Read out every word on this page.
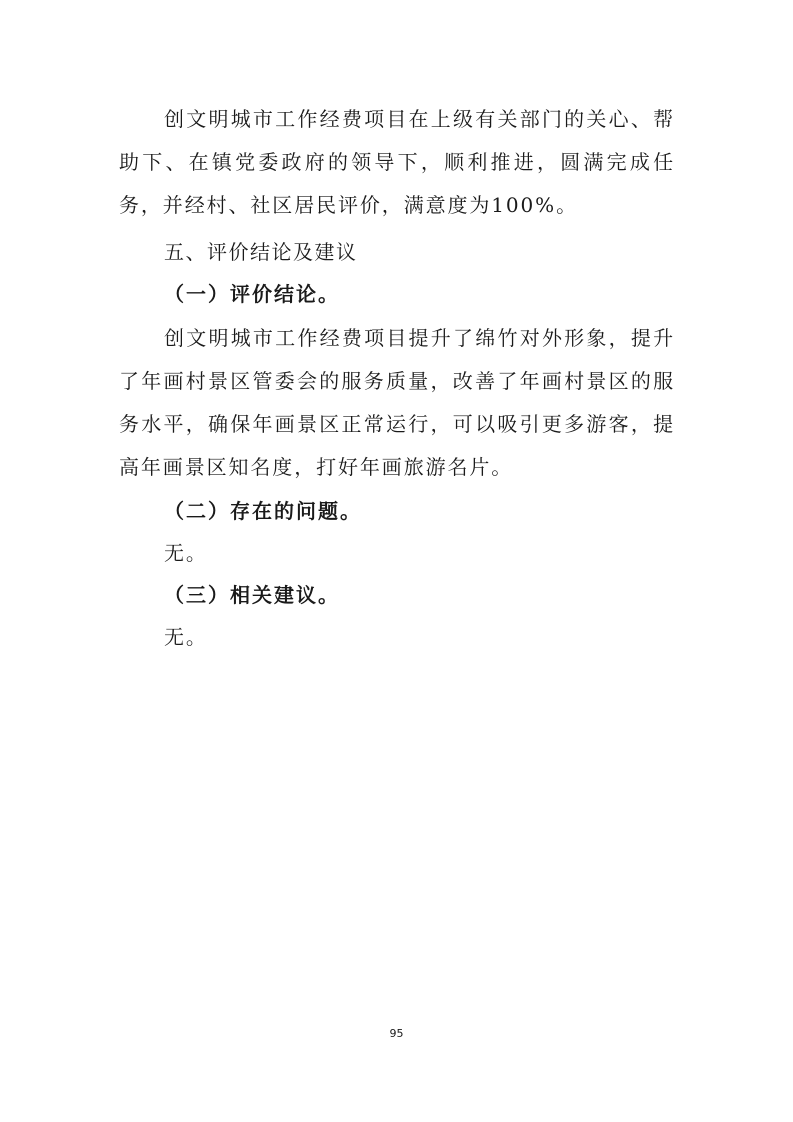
创文明城市工作经费项目在上级有关部门的关心、帮助下、在镇党委政府的领导下，顺利推进，圆满完成任务，并经村、社区居民评价，满意度为100%。

五、评价结论及建议

（一）评价结论。

创文明城市工作经费项目提升了绵竹对外形象，提升了年画村景区管委会的服务质量，改善了年画村景区的服务水平，确保年画景区正常运行，可以吸引更多游客，提高年画景区知名度，打好年画旅游名片。

（二）存在的问题。

无。

（三）相关建议。

无。

95
